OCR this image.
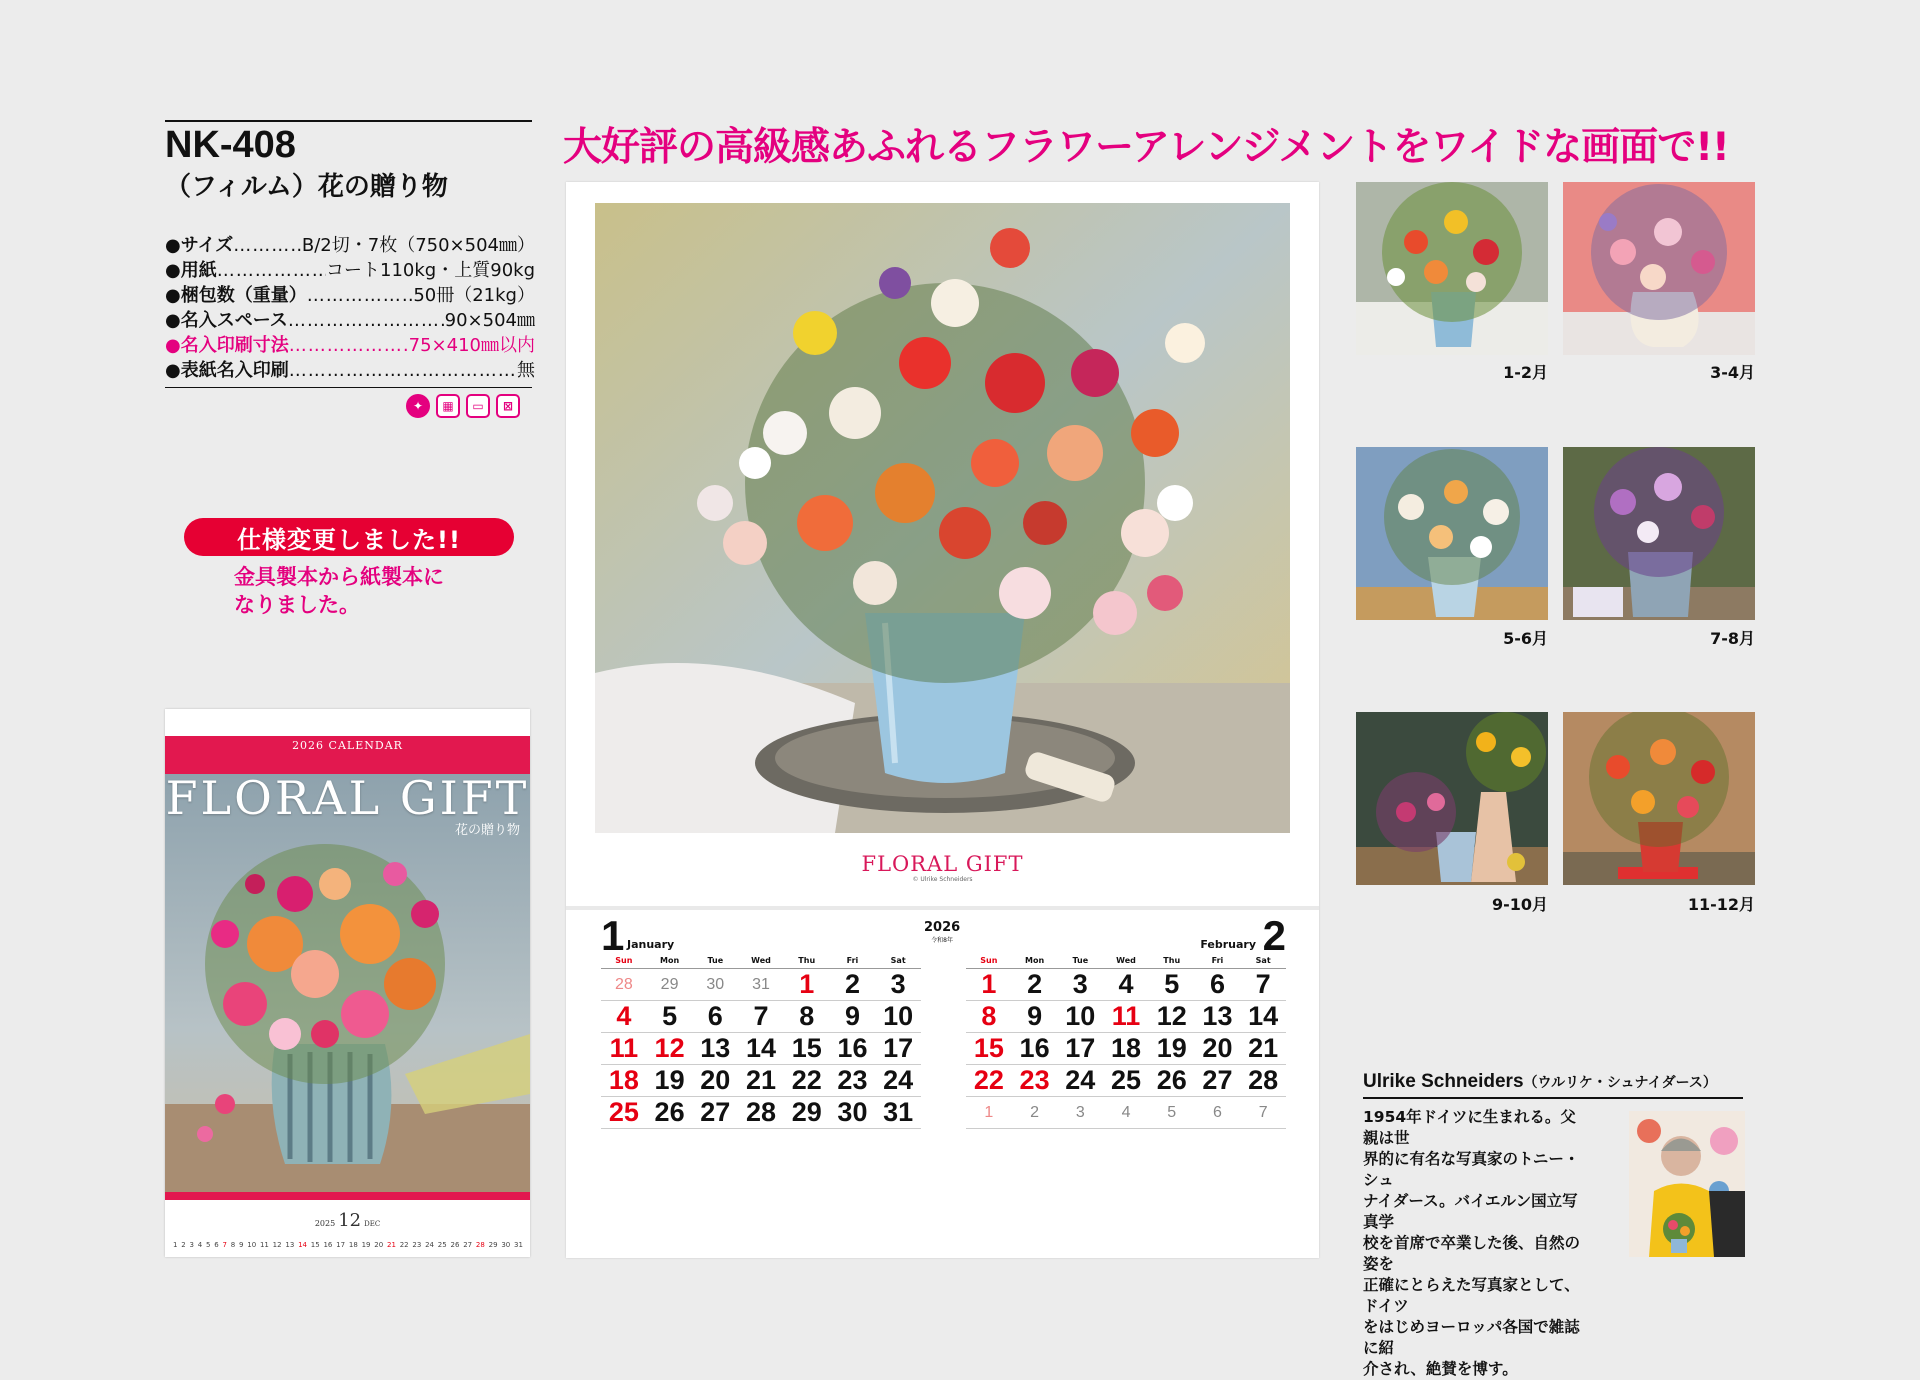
NK-408
（フィルム）花の贈り物
●サイズ …………………………………………………………	B/2切・7枚（750×504㎜）
●用紙 …………………………………………………………	コート110kg・上質90kg
●梱包数（重量） …………………………………………………………	50冊（21kg）
●名入スペース …………………………………………………………	90×504㎜
●名入印刷寸法 …………………………………………………………	75×410㎜以内
●表紙名入印刷 …………………………………………………………	無
✦	▦	▭	⊠
仕様変更しました!!
金具製本から紙製本に
なりました。
2026 CALENDAR
FLORAL GIFT
花の贈り物
2025 12 DEC
1 2 3 4 5 6 7 8 9 10 11 12 13 14 15 16 17 18 19 20 21 22 23 24 25 26 27 28 29 30 31
大好評の高級感あふれるフラワーアレンジメントをワイドな画面で!!
FLORAL GIFT
© Ulrike Schneiders
2026
令和8年
1 January
Sun	Mon	Tue	Wed	Thu	Fri	Sat
28	29	30	31	1	2	3
4	5	6	7	8	9 10
11 12 13 14 15 16 17
18 19 20 21 22 23 24
25 26 27 28 29 30 31
2
February
Sun	Mon	Tue	Wed	Thu	Fri	Sat
1	2	3	4	5	6	7
8	9 10 11 12 13 14
15 16 17 18 19 20 21
22 23 24 25 26 27 28
1	2	3	4	5	6	7
1-2月	3-4月
5-6月	7-8月
9-10月	11-12月
Ulrike Schneiders（ウルリケ・シュナイダース）
1954年ドイツに生まれる。父親は世
界的に有名な写真家のトニー・シュ
ナイダース。バイエルン国立写真学
校を首席で卒業した後、自然の姿を
正確にとらえた写真家として、ドイツ
をはじめヨーロッパ各国で雑誌に紹
介され、絶賛を博す。
